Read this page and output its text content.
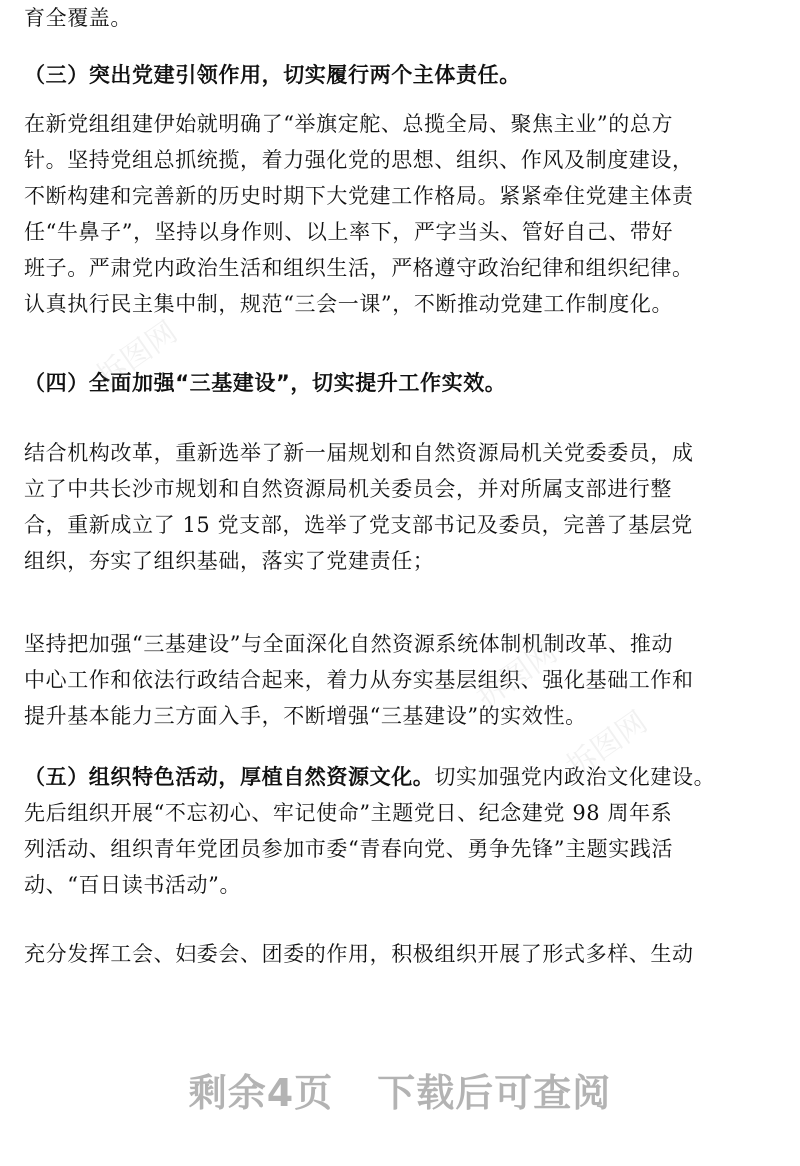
育全覆盖。

（三）突出党建引领作用，切实履行两个主体责任。

在新党组组建伊始就明确了“举旗定舵、总揽全局、聚焦主业”的总方
针。坚持党组总抓统揽，着力强化党的思想、组织、作风及制度建设，
不断构建和完善新的历史时期下大党建工作格局。紧紧牵住党建主体责
任“牛鼻子”，坚持以身作则、以上率下，严字当头、管好自己、带好
班子。严肃党内政治生活和组织生活，严格遵守政治纪律和组织纪律。
认真执行民主集中制，规范“三会一课”，不断推动党建工作制度化。

（四）全面加强“三基建设”，切实提升工作实效。

结合机构改革，重新选举了新一届规划和自然资源局机关党委委员，成
立了中共长沙市规划和自然资源局机关委员会，并对所属支部进行整
合，重新成立了 15 党支部，选举了党支部书记及委员，完善了基层党
组织，夯实了组织基础，落实了党建责任；

坚持把加强“三基建设”与全面深化自然资源系统体制机制改革、推动
中心工作和依法行政结合起来，着力从夯实基层组织、强化基础工作和
提升基本能力三方面入手，不断增强“三基建设”的实效性。

（五）组织特色活动，厚植自然资源文化。切实加强党内政治文化建设。
先后组织开展“不忘初心、牢记使命”主题党日、纪念建党 98 周年系
列活动、组织青年党团员参加市委“青春向党、勇争先锋”主题实践活
动、“百日读书活动”。

充分发挥工会、妇委会、团委的作用，积极组织开展了形式多样、生动

拆图网
拆图网
拆图网
剩余4页 下载后可查阅
